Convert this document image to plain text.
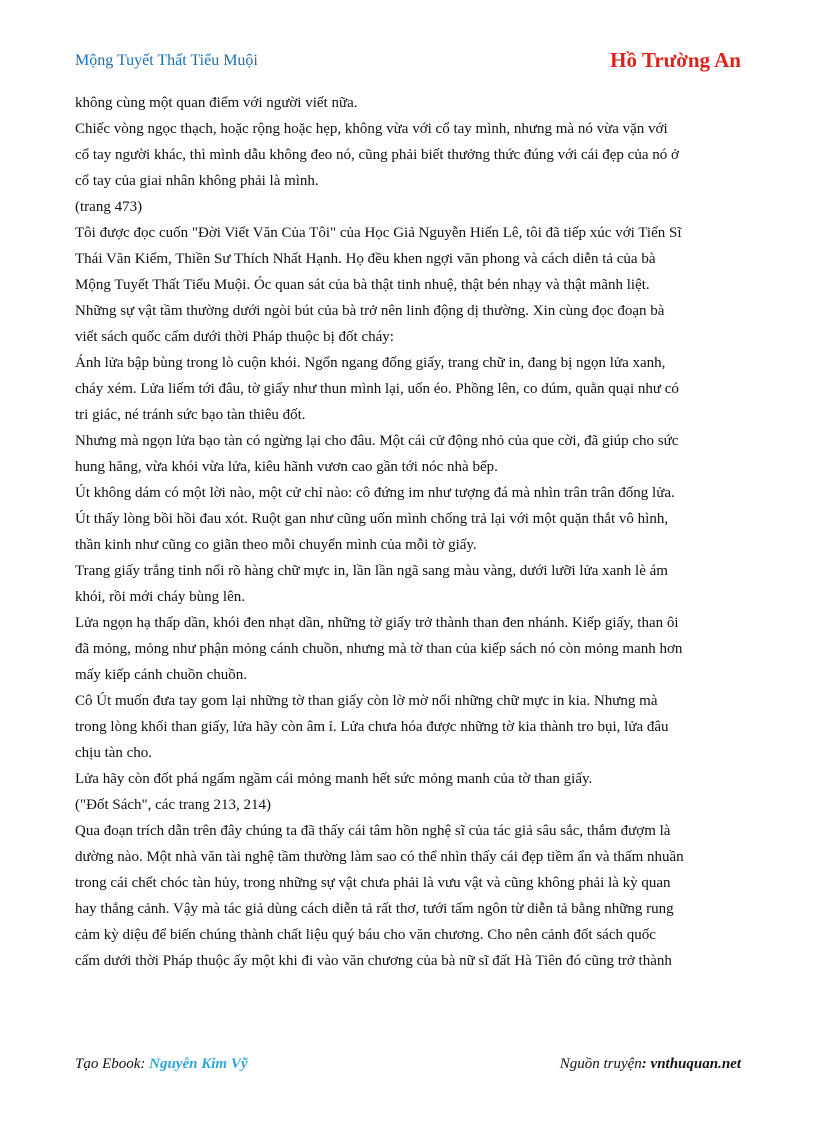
Mộng Tuyết Thất Tiểu Muội	Hồ Trường An

không cùng một quan điểm với người viết nữa.

Chiếc vòng ngọc thạch, hoặc rộng hoặc hẹp, không vừa với cổ tay mình, nhưng mà nó vừa vặn với

cổ tay người khác, thì mình dẫu không đeo nó, cũng phải biết thưởng thức đúng với cái đẹp của nó ở

cổ tay của giai nhân không phải là mình.

(trang 473)

Tôi được đọc cuốn "Đời Viết Văn Của Tôi" của Học Giả Nguyễn Hiến Lê, tôi đã tiếp xúc với Tiến Sĩ

Thái Văn Kiểm, Thiền Sư Thích Nhất Hạnh. Họ đều khen ngợi văn phong và cách diễn tả của bà

Mộng Tuyết Thất Tiểu Muội. Óc quan sát của bà thật tinh nhuệ, thật bén nhạy và thật mãnh liệt.

Những sự vật tầm thường dưới ngòi bút của bà trở nên linh động dị thường. Xin cùng đọc đoạn bà

viết sách quốc cấm dưới thời Pháp thuộc bị đốt cháy:

Ánh lửa bập bùng trong lò cuộn khói. Ngổn ngang đống giấy, trang chữ in, đang bị ngọn lửa xanh,

cháy xém. Lửa liếm tới đâu, tờ giấy như thun mình lại, uốn éo. Phồng lên, co dúm, quằn quại như có

tri giác, né tránh sức bạo tàn thiêu đốt.

Nhưng mà ngọn lửa bạo tàn có ngừng lại cho đâu. Một cái cử động nhỏ của que cời, đã giúp cho sức

hung hăng, vừa khói vừa lửa, kiêu hãnh vươn cao gần tới nóc nhà bếp.

Út không dám có một lời nào, một cử chỉ nào: cô đứng im như tượng đá mà nhìn trân trân đống lửa.

Út thấy lòng bồi hồi đau xót. Ruột gan như cũng uốn mình chống trả lại với một quặn thắt vô hình,

thần kinh như cũng co giãn theo mỗi chuyển mình của mỗi tờ giấy.

Trang giấy trắng tinh nổi rõ hàng chữ mực in, lần lần ngã sang màu vàng, dưới lưỡi lửa xanh lè ám

khói, rồi mới cháy bùng lên.

Lửa ngọn hạ thấp dần, khói đen nhạt dần, những tờ giấy trở thành than đen nhánh. Kiếp giấy, than ôi

đã mỏng, mỏng như phận mỏng cánh chuồn, nhưng mà tờ than của kiếp sách nó còn mỏng manh hơn

mấy kiếp cánh chuồn chuồn.

Cô Út muốn đưa tay gom lại những tờ than giấy còn lờ mờ nổi những chữ mực in kia. Nhưng mà

trong lòng khối than giấy, lửa hãy còn âm ỉ. Lửa chưa hóa được những tờ kia thành tro bụi, lửa đâu

chịu tàn cho.

Lửa hãy còn đốt phá ngấm ngầm cái mỏng manh hết sức mỏng manh của tờ than giấy.

("Đốt Sách", các trang 213, 214)

Qua đoạn trích dẫn trên đây chúng ta đã thấy cái tâm hồn nghệ sĩ của tác giả sâu sắc, thắm đượm là

dường nào. Một nhà văn tài nghệ tầm thường làm sao có thể nhìn thấy cái đẹp tiềm ẩn và thấm nhuần

trong cái chết chóc tàn hủy, trong những sự vật chưa phải là vưu vật và cũng không phải là kỳ quan

hay thắng cảnh. Vậy mà tác giả dùng cách diễn tả rất thơ, tưới tẩm ngôn từ diễn tả bằng những rung

cảm kỳ diệu để biến chúng thành chất liệu quý báu cho văn chương. Cho nên cảnh đốt sách quốc

cấm dưới thời Pháp thuộc ấy một khi đi vào văn chương của bà nữ sĩ đất Hà Tiên đó cũng trở thành

Tạo Ebook: Nguyễn Kim Vỹ	Nguồn truyện: vnthuquan.net
